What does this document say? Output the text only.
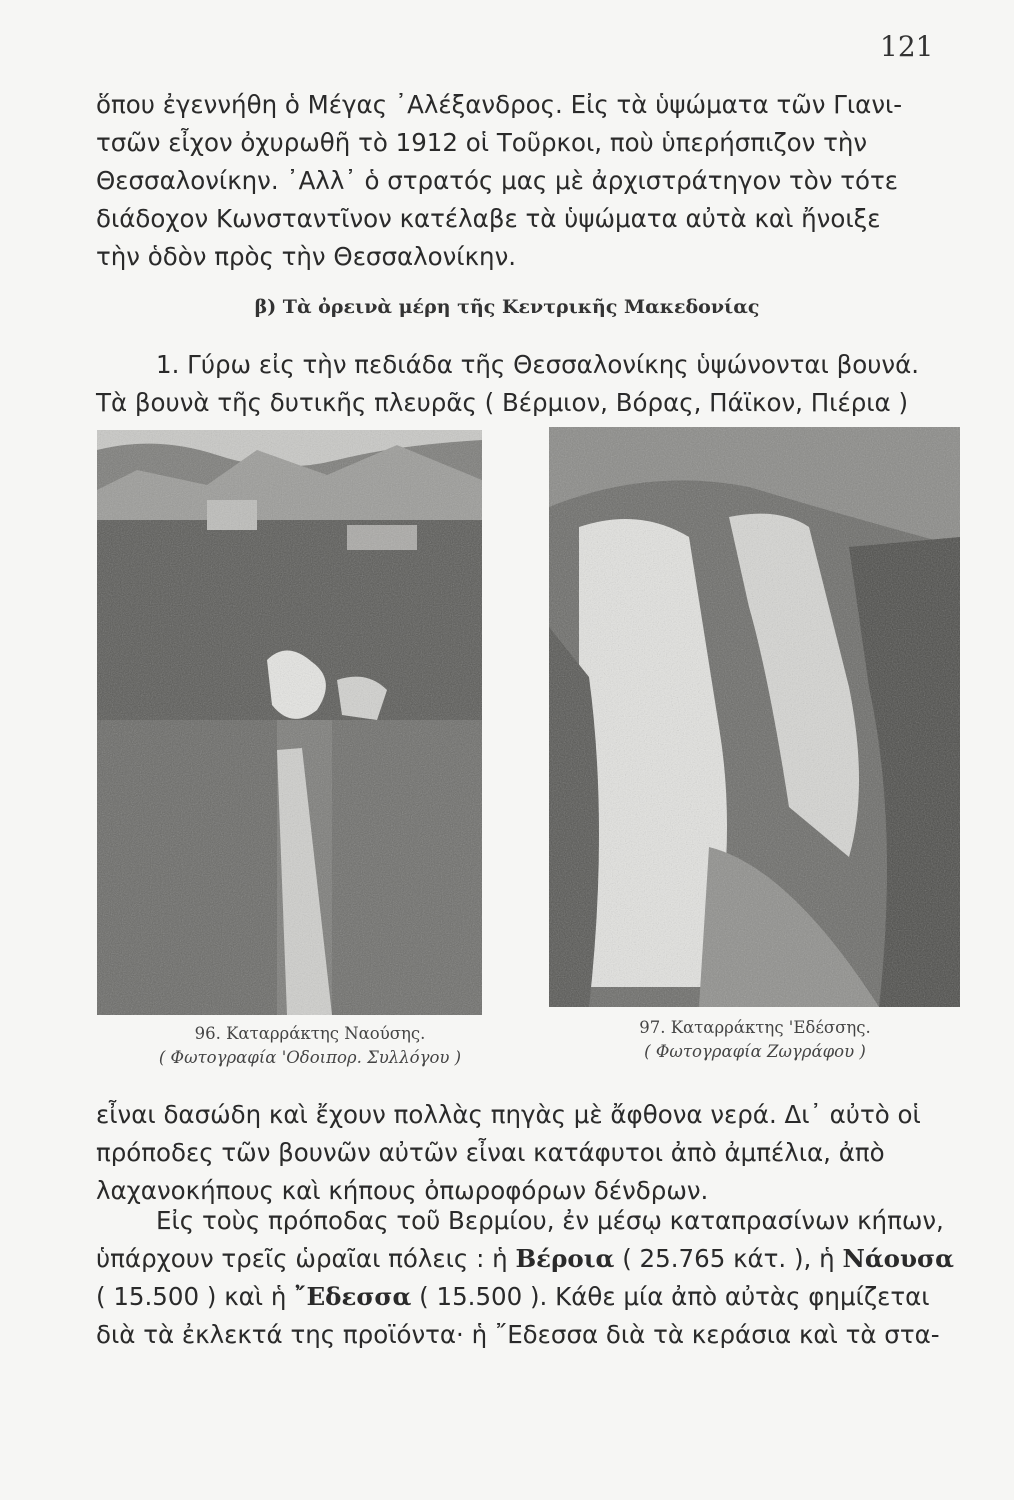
121
ὅπου ἐγεννήθη ὁ Μέγας ᾿Αλέξανδρος. Εἰς τὰ ὑψώματα τῶν Γιανι-
τσῶν εἶχον ὀχυρωθῆ τὸ 1912 οἱ Τοῦρκοι, ποὺ ὑπερήσπιζον τὴν
Θεσσαλονίκην. ᾿Αλλ᾿ ὁ στρατός μας μὲ ἀρχιστράτηγον τὸν τότε
διάδοχον Κωνσταντῖνον κατέλαβε τὰ ὑψώματα αὐτὰ καὶ ἤνοιξε
τὴν ὁδὸν πρὸς τὴν Θεσσαλονίκην.
β) Τὰ ὀρεινὰ μέρη τῆς Κεντρικῆς Μακεδονίας
1. Γύρω εἰς τὴν πεδιάδα τῆς Θεσσαλονίκης ὑψώνονται βουνά.
Τὰ βουνὰ τῆς δυτικῆς πλευρᾶς ( Βέρμιον, Βόρας, Πάϊκον, Πιέρια )
96. Καταρράκτης Ναούσης.
( Φωτογραφία 'Οδοιπορ. Συλλόγου )
97. Καταρράκτης 'Εδέσσης.
( Φωτογραφία Ζωγράφου )
εἶναι δασώδη καὶ ἔχουν πολλὰς πηγὰς μὲ ἄφθονα νερά. Δι᾿ αὐτὸ οἱ
πρόποδες τῶν βουνῶν αὐτῶν εἶναι κατάφυτοι ἀπὸ ἀμπέλια, ἀπὸ
λαχανοκήπους καὶ κήπους ὀπωροφόρων δένδρων.
Εἰς τοὺς πρόποδας τοῦ Βερμίου, ἐν μέσῳ καταπρασίνων κήπων,
ὑπάρχουν τρεῖς ὡραῖαι πόλεις : ἡ Βέροια ( 25.765 κάτ. ), ἡ Νάουσα
( 15.500 ) καὶ ἡ ῎Εδεσσα ( 15.500 ). Κάθε μία ἀπὸ αὐτὰς φημίζεται
διὰ τὰ ἐκλεκτά της προϊόντα· ἡ ῎Εδεσσα διὰ τὰ κεράσια καὶ τὰ στα-
